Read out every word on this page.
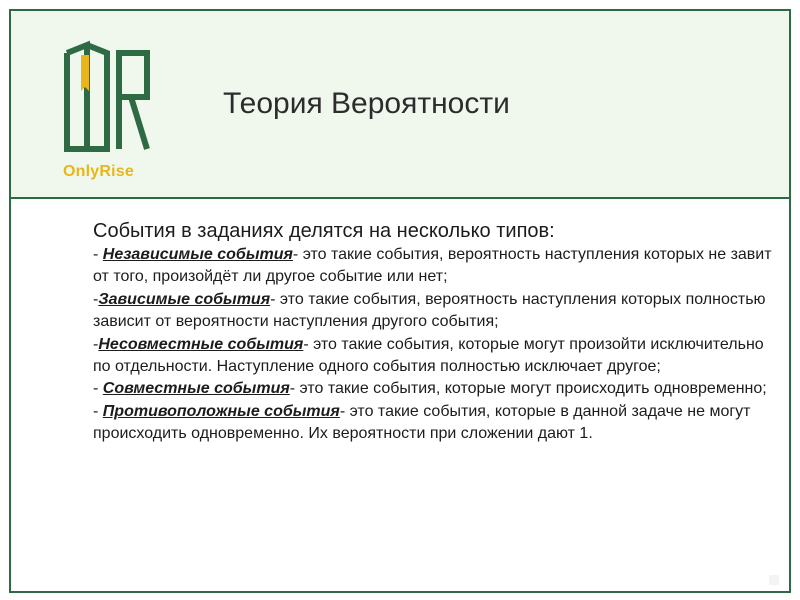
OnlyRise
Теория Вероятности

События в заданиях делятся на несколько типов:

- Независимые события- это такие события, вероятность наступления которых не завит от того, произойдёт ли другое событие или нет;

-Зависимые события- это такие события, вероятность наступления которых полностью зависит от вероятности наступления другого события;

-Несовместные события- это такие события, которые могут произойти исключительно по отдельности. Наступление одного события полностью исключает другое;

- Совместные события- это такие события, которые могут происходить одновременно;

- Противоположные события- это такие события, которые в данной задаче не могут происходить одновременно. Их вероятности при сложении дают 1.
